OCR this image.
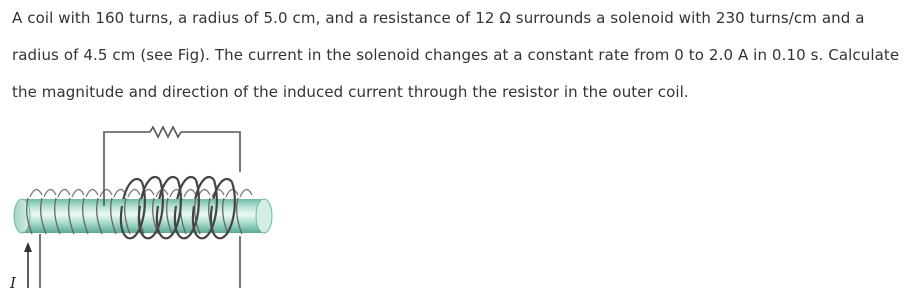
A coil with 160 turns, a radius of 5.0 cm, and a resistance of 12 Ω surrounds a solenoid with 230 turns/cm and a
radius of 4.5 cm (see Fig). The current in the solenoid changes at a constant rate from 0 to 2.0 A in 0.10 s. Calculate
the magnitude and direction of the induced current through the resistor in the outer coil.
I
